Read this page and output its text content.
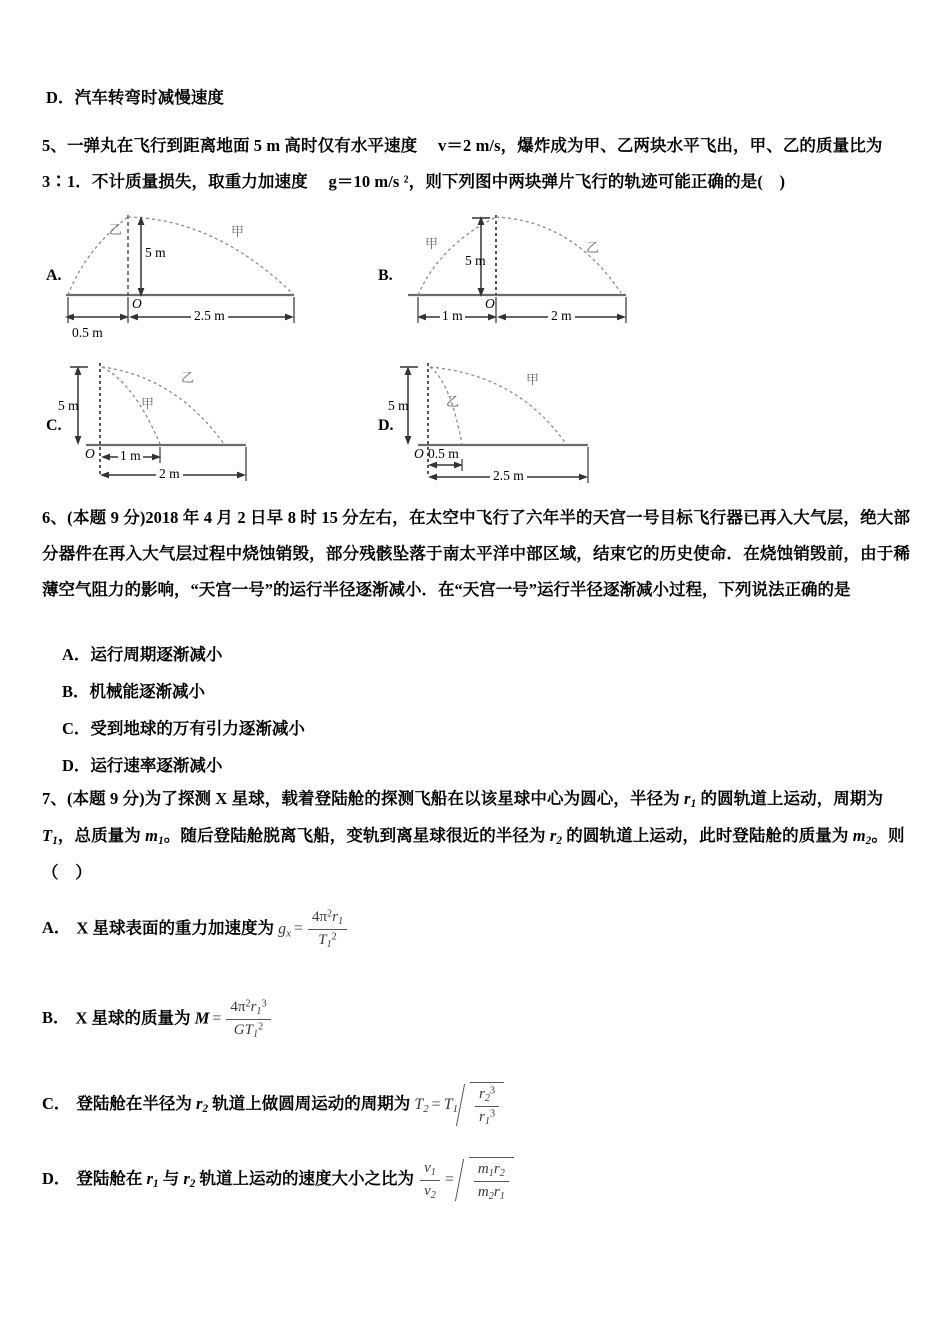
D．汽车转弯时减慢速度
5、一弹丸在飞行到距离地面 5 m 高时仅有水平速度　 v＝2 m/s，爆炸成为甲、乙两块水平飞出，甲、乙的质量比为
3∶1．不计质量损失，取重力加速度　 g＝10 m/s ²，则下列图中两块弹片飞行的轨迹可能正确的是(　)
A.
乙	甲
5 m
O
0.5 m
2.5 m
B.
甲	乙
5 m
O
1 m	2 m
C.
甲
乙
5 m
O 1 m
2 m
D.
乙
甲
5 m
O 0.5 m
2.5 m
6、(本题 9 分)2018 年 4 月 2 日早 8 时 15 分左右，在太空中飞行了六年半的天宫一号目标飞行器已再入大气层，绝大部分器件在再入大气层过程中烧蚀销毁，部分残骸坠落于南太平洋中部区域，结束它的历史使命．在烧蚀销毁前，由于稀薄空气阻力的影响，“天宫一号”的运行半径逐渐减小．在“天宫一号”运行半径逐渐减小过程，下列说法正确的是
A．运行周期逐渐减小
B．机械能逐渐减小
C．受到地球的万有引力逐渐减小
D．运行速率逐渐减小
7、(本题 9 分)为了探测 X 星球，载着登陆舱的探测飞船在以该星球中心为圆心，半径为 $r_1$ 的圆轨道上运动，周期为
$T_1$，总质量为 $m_1$。随后登陆舱脱离飞船，变轨到离星球很近的半径为 $r_2$ 的圆轨道上运动，此时登陆舱的质量为 $m_2$。则
（　）
A． X 星球表面的重力加速度为 $g_x = \frac{4\pi^2r_1}{T_1^2}$
B． X 星球的质量为 $M = \frac{4\pi^2r_1^3}{GT_1^2}$
C． 登陆舱在半径为 $r_2$ 轨道上做圆周运动的周期为 $T_2 = T_1 \frac{r_2^3}{r_1^3}$
D． 登陆舱在 $r_1$ 与 $r_2$ 轨道上运动的速度大小之比为 $\frac{v_1}{v_2} = \frac{m_1r_2}{m_2r_1}$
